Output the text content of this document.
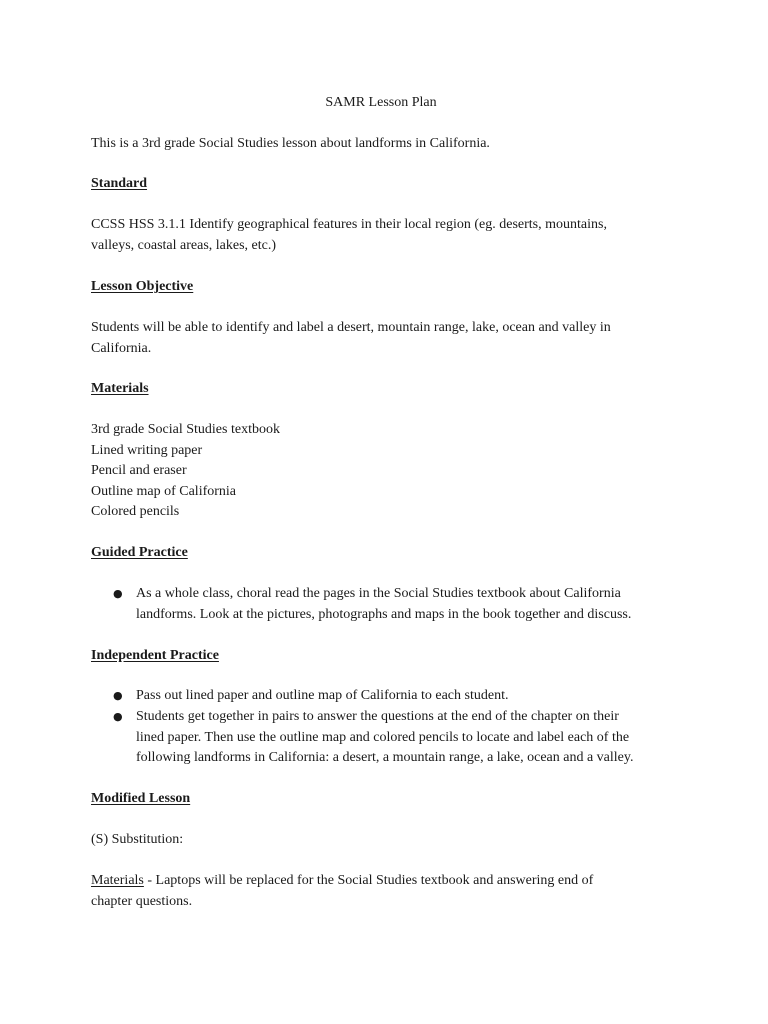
SAMR Lesson Plan
This is a 3rd grade Social Studies lesson about landforms in California.
Standard
CCSS HSS 3.1.1 Identify geographical features in their local region (eg. deserts, mountains,
valleys, coastal areas, lakes, etc.)
Lesson Objective
Students will be able to identify and label a desert, mountain range, lake, ocean and valley in
California.
Materials
3rd grade Social Studies textbook
Lined writing paper
Pencil and eraser
Outline map of California
Colored pencils
Guided Practice
● As a whole class, choral read the pages in the Social Studies textbook about California
landforms. Look at the pictures, photographs and maps in the book together and discuss.
Independent Practice
● Pass out lined paper and outline map of California to each student.
● Students get together in pairs to answer the questions at the end of the chapter on their
lined paper. Then use the outline map and colored pencils to locate and label each of the
following landforms in California: a desert, a mountain range, a lake, ocean and a valley.
Modified Lesson
(S) Substitution:
Materials - Laptops will be replaced for the Social Studies textbook and answering end of
chapter questions.
